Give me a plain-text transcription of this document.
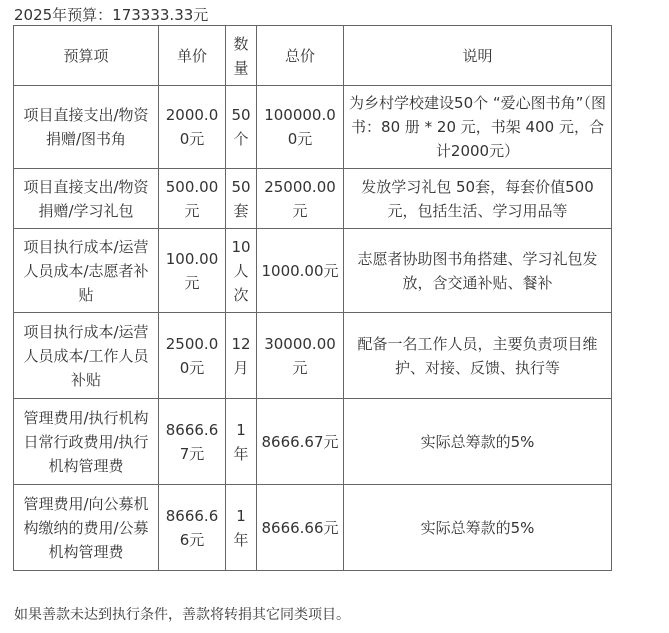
2025年预算：173333.33元
预算项	单价	数量	总价	说明
项目直接支出/物资捐赠/图书角	2000.00元	50个	100000.00元	为乡村学校建设50个 “爱心图书角”（图书：80 册 * 20 元，书架 400 元，合计2000元）
项目直接支出/物资捐赠/学习礼包	500.00元	50套	25000.00元	发放学习礼包 50套，每套价值500元，包括生活、学习用品等
项目执行成本/运营人员成本/志愿者补贴	100.00元	10人次	1000.00元	志愿者协助图书角搭建、学习礼包发放，含交通补贴、餐补
项目执行成本/运营人员成本/工作人员补贴	2500.00元	12月	30000.00元	配备一名工作人员，主要负责项目维护、对接、反馈、执行等
管理费用/执行机构日常行政费用/执行机构管理费	8666.67元	1年	8666.67元	实际总筹款的5%
管理费用/向公募机构缴纳的费用/公募机构管理费	8666.66元	1年	8666.66元	实际总筹款的5%
如果善款未达到执行条件，善款将转捐其它同类项目。
